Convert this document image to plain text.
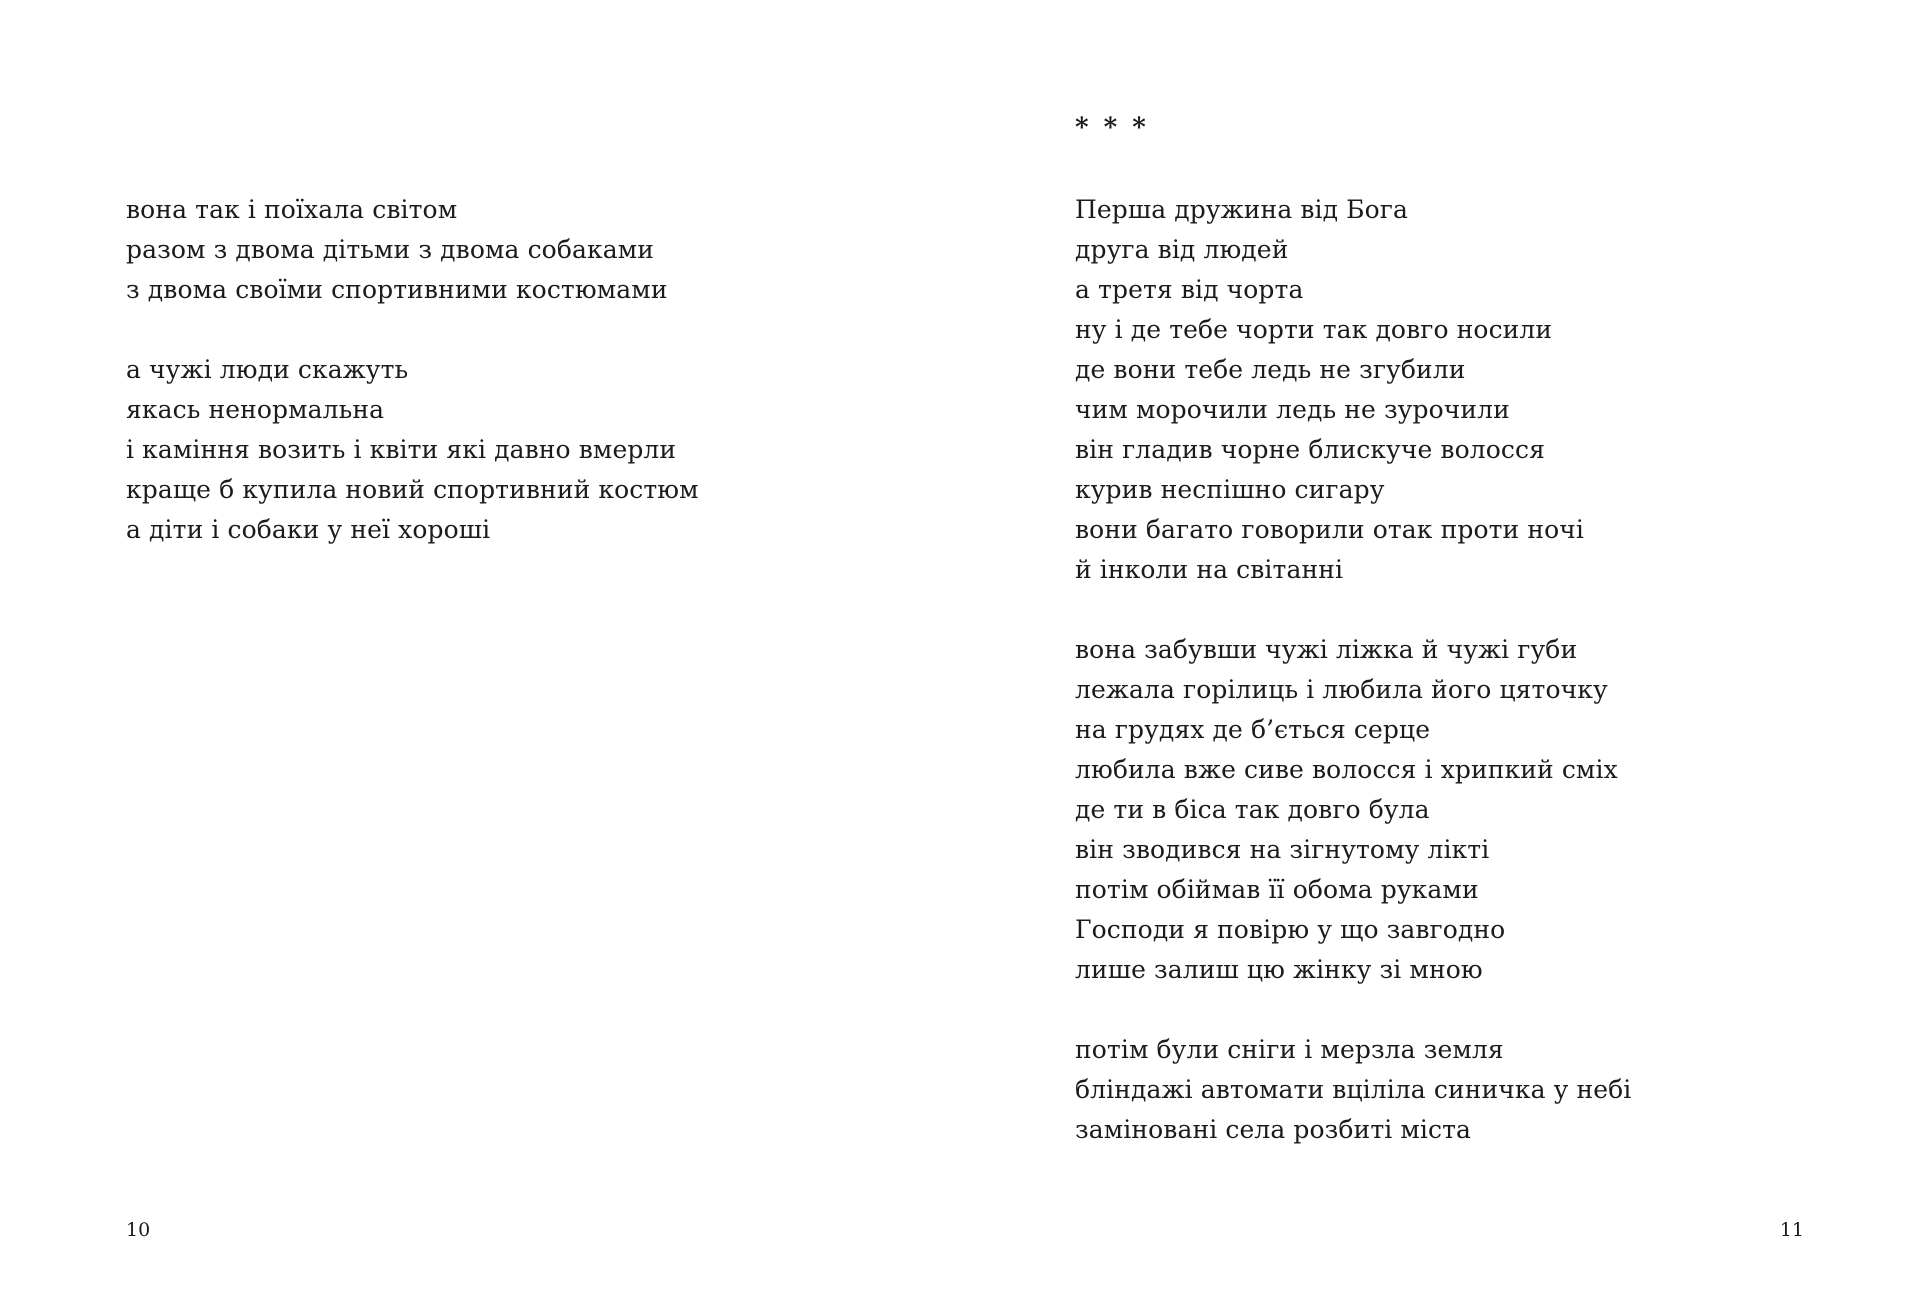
вона так і поїхала світом
разом з двома дітьми з двома собаками
з двома своїми спортивними костюмами
а чужі люди скажуть
якась ненормальна
і каміння возить і квіти які давно вмерли
краще б купила новий спортивний костюм
а діти і собаки у неї хороші
10
* * *
Перша дружина від Бога
друга від людей
а третя від чорта
ну і де тебе чорти так довго носили
де вони тебе ледь не згубили
чим морочили ледь не зурочили
він гладив чорне блискуче волосся
курив неспішно сигару
вони багато говорили отак проти ночі
й інколи на світанні
вона забувши чужі ліжка й чужі губи
лежала горілиць і любила його цяточку
на грудях де б’ється серце
любила вже сиве волосся і хрипкий сміх
де ти в біса так довго була
він зводився на зігнутому лікті
потім обіймав її обома руками
Господи я повірю у що завгодно
лише залиш цю жінку зі мною
потім були сніги і мерзла земля
бліндажі автомати вціліла синичка у небі
заміновані села розбиті міста
11
